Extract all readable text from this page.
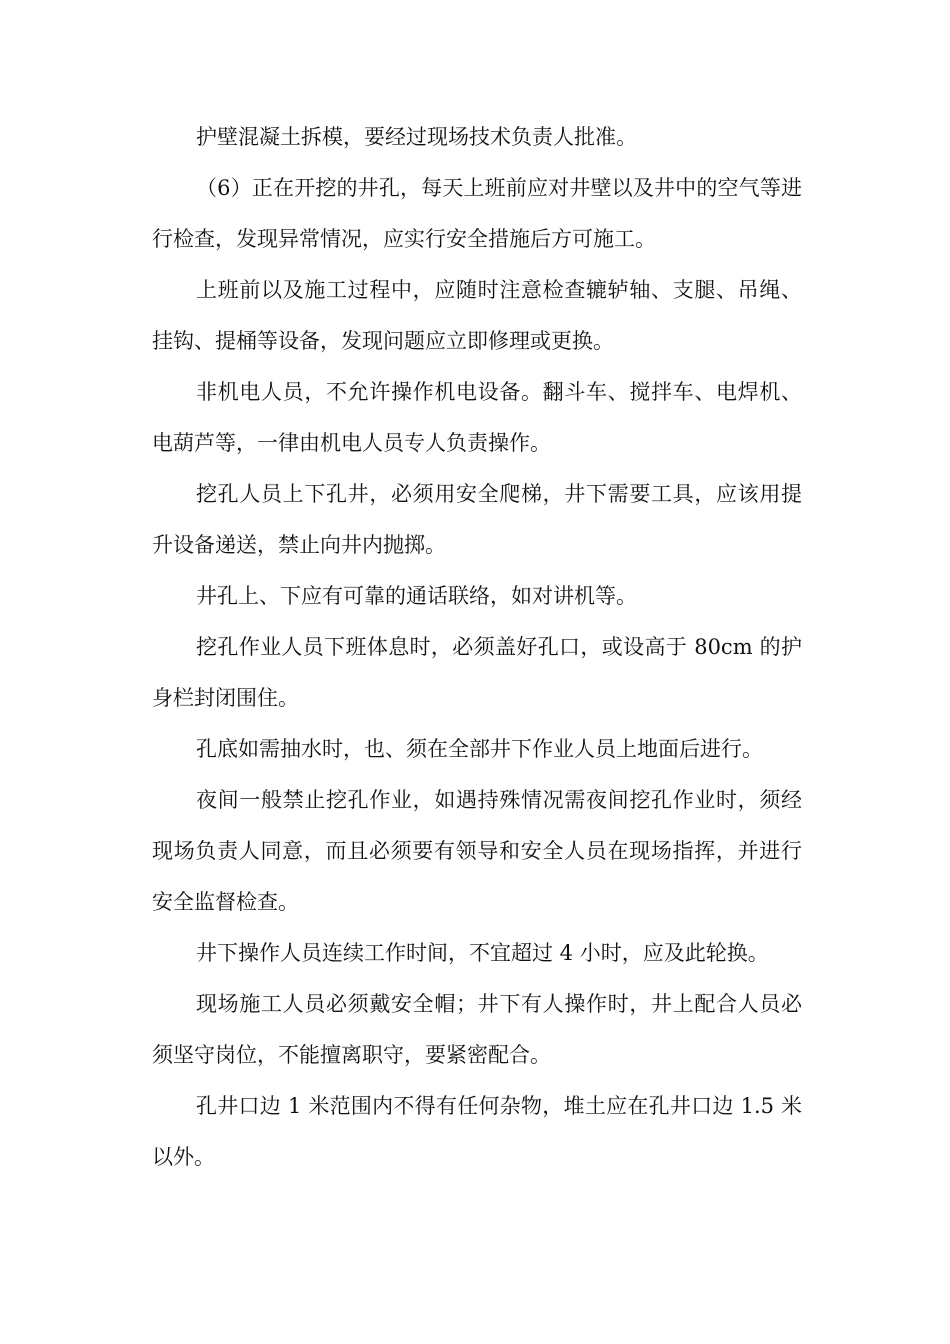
护壁混凝土拆模，要经过现场技术负责人批准。

（6）正在开挖的井孔，每天上班前应对井壁以及井中的空气等进行检查，发现异常情况，应实行安全措施后方可施工。

上班前以及施工过程中，应随时注意检查辘轳轴、支腿、吊绳、挂钩、提桶等设备，发现问题应立即修理或更换。

非机电人员，不允许操作机电设备。翻斗车、搅拌车、电焊机、电葫芦等，一律由机电人员专人负责操作。

挖孔人员上下孔井，必须用安全爬梯，井下需要工具，应该用提升设备递送，禁止向井内抛掷。

井孔上、下应有可靠的通话联络，如对讲机等。

挖孔作业人员下班体息时，必须盖好孔口，或设高于 80cm 的护身栏封闭围住。

孔底如需抽水时，也、须在全部井下作业人员上地面后进行。

夜间一般禁止挖孔作业，如遇持殊情况需夜间挖孔作业时，须经现场负责人同意，而且必须要有领导和安全人员在现场指挥，并进行安全监督检查。

井下操作人员连续工作时间，不宜超过 4 小时，应及此轮换。

现场施工人员必须戴安全帽；井下有人操作时，井上配合人员必须坚守岗位，不能擅离职守，要紧密配合。

孔井口边 1 米范围内不得有任何杂物，堆土应在孔井口边 1.5 米以外。
